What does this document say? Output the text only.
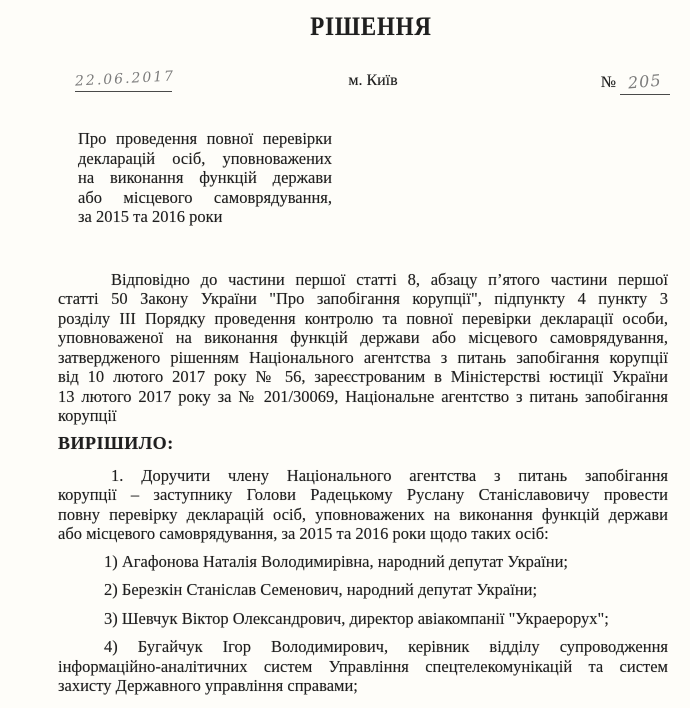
РІШЕННЯ
22.06.2017	м. Київ	№ 205
Про проведення повної перевірки
декларацій осіб, уповноважених
на виконання функцій держави
або місцевого самоврядування,
за 2015 та 2016 роки
Відповідно до частини першої статті 8, абзацу п’ятого частини першої
статті 50 Закону України "Про запобігання корупції", підпункту 4 пункту 3
розділу III Порядку проведення контролю та повної перевірки декларації особи,
уповноваженої на виконання функцій держави або місцевого самоврядування,
затвердженого рішенням Національного агентства з питань запобігання корупції
від 10 лютого 2017 року № 56, зареєстрованим в Міністерстві юстиції України
13 лютого 2017 року за № 201/30069, Національне агентство з питань запобігання
корупції
ВИРІШИЛО:
1. Доручити члену Національного агентства з питань запобігання
корупції – заступнику Голови Радецькому Руслану Станіславовичу провести
повну перевірку декларацій осіб, уповноважених на виконання функцій держави
або місцевого самоврядування, за 2015 та 2016 роки щодо таких осіб:
1) Агафонова Наталія Володимирівна, народний депутат України;
2) Березкін Станіслав Семенович, народний депутат України;
3) Шевчук Віктор Олександрович, директор авіакомпанії "Украерорух";
4) Бугайчук Ігор Володимирович, керівник відділу супроводження
інформаційно-аналітичних систем Управління спецтелекомунікацій та систем
захисту Державного управління справами;
